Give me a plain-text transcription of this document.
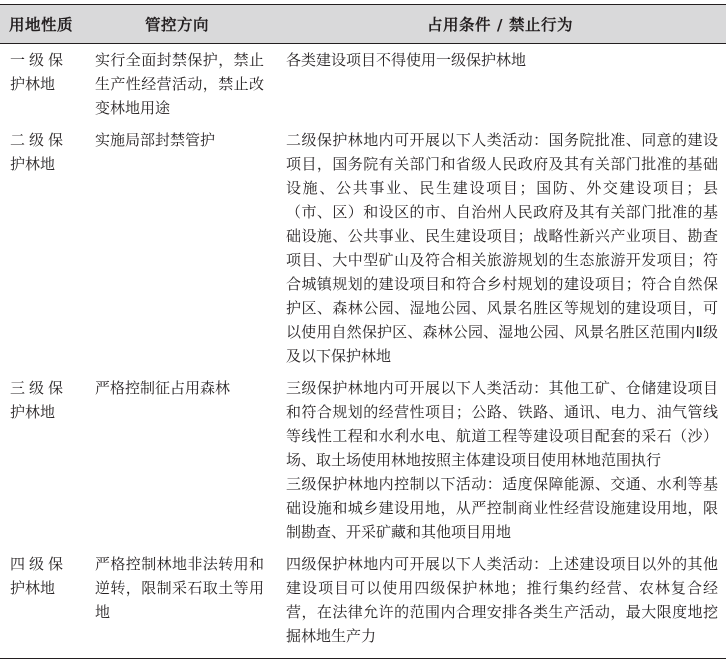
用地性质	管控方向	占用条件 / 禁止行为
一级保护林地	实行全面封禁保护，禁止生产性经营活动，禁止改变林地用途	各类建设项目不得使用一级保护林地

二级保护林地	实施局部封禁管护	二级保护林地内可开展以下人类活动：国务院批准、同意的建设项目，国务院有关部门和省级人民政府及其有关部门批准的基础设施、公共事业、民生建设项目；国防、外交建设项目；县（市、区）和设区的市、自治州人民政府及其有关部门批准的基础设施、公共事业、民生建设项目；战略性新兴产业项目、勘查项目、大中型矿山及符合相关旅游规划的生态旅游开发项目；符合城镇规划的建设项目和符合乡村规划的建设项目；符合自然保护区、森林公园、湿地公园、风景名胜区等规划的建设项目，可以使用自然保护区、森林公园、湿地公园、风景名胜区范围内Ⅱ级及以下保护林地

三级保护林地	严格控制征占用森林	三级保护林地内可开展以下人类活动：其他工矿、仓储建设项目和符合规划的经营性项目；公路、铁路、通讯、电力、油气管线等线性工程和水利水电、航道工程等建设项目配套的采石（沙）场、取土场使用林地按照主体建设项目使用林地范围执行
三级保护林地内控制以下活动：适度保障能源、交通、水利等基础设施和城乡建设用地，从严控制商业性经营设施建设用地，限制勘查、开采矿藏和其他项目用地

四级保护林地	严格控制林地非法转用和逆转，限制采石取土等用地	四级保护林地内可开展以下人类活动：上述建设项目以外的其他建设项目可以使用四级保护林地；推行集约经营、农林复合经营，在法律允许的范围内合理安排各类生产活动，最大限度地挖掘林地生产力
